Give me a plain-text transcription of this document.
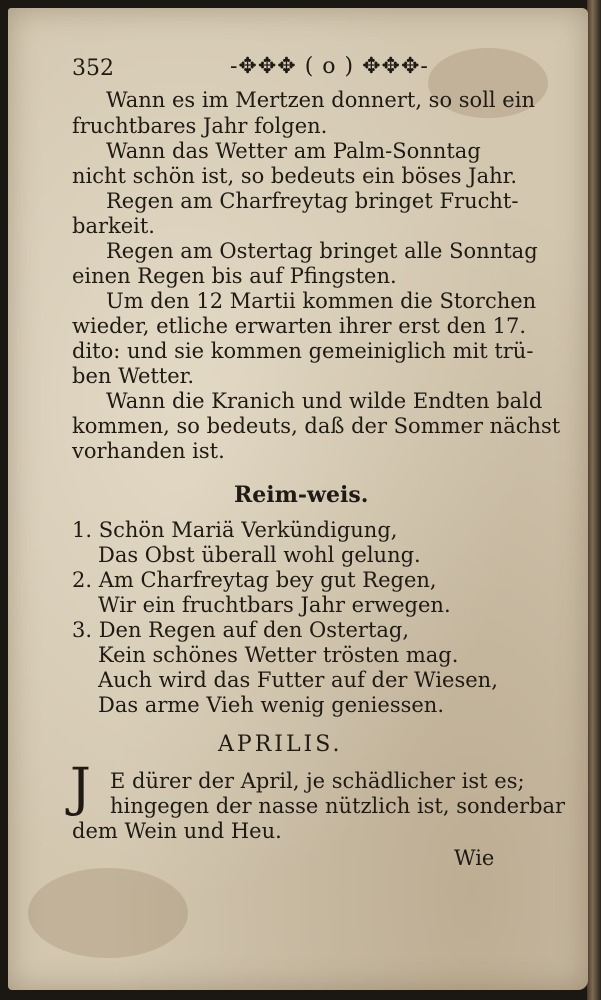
352	-✥✥✥ ( o ) ✥✥✥-
Wann es im Mertzen donnert, so soll ein
fruchtbares Jahr folgen.
Wann das Wetter am Palm-Sonntag
nicht schön ist, so bedeuts ein böses Jahr.
Regen am Charfreytag bringet Frucht-
barkeit.
Regen am Ostertag bringet alle Sonntag
einen Regen bis auf Pfingsten.
Um den 12 Martii kommen die Storchen
wieder, etliche erwarten ihrer erst den 17.
dito: und sie kommen gemeiniglich mit trü-
ben Wetter.
Wann die Kranich und wilde Endten bald
kommen, so bedeuts, daß der Sommer nächst
vorhanden ist.
Reim-weis.
1. Schön Mariä Verkündigung,
Das Obst überall wohl gelung.
2. Am Charfreytag bey gut Regen,
Wir ein fruchtbars Jahr erwegen.
3. Den Regen auf den Ostertag,
Kein schönes Wetter trösten mag.
Auch wird das Futter auf der Wiesen,
Das arme Vieh wenig geniessen.
APRILIS.
J E dürer der April, je schädlicher ist es;
hingegen der nasse nützlich ist, sonderbar
dem Wein und Heu.
Wie
